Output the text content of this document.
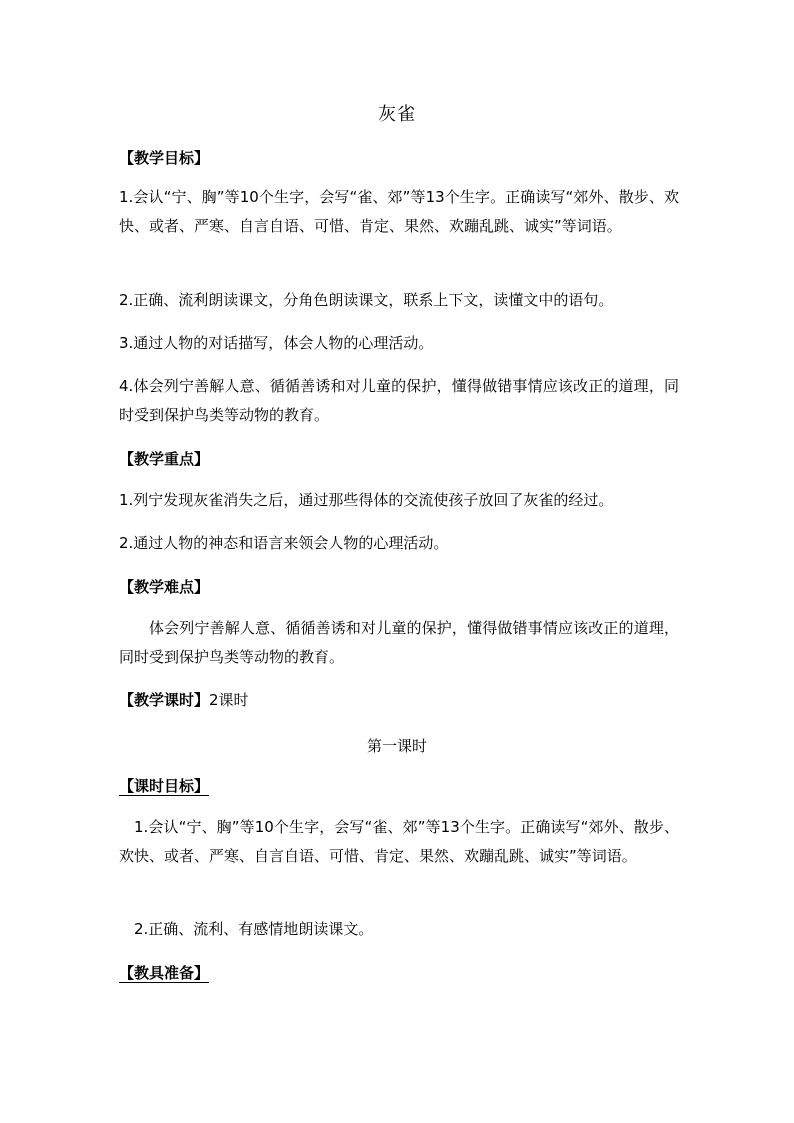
灰雀
【教学目标】
1.会认“宁、胸”等10个生字，会写“雀、郊”等13个生字。正确读写“郊外、散步、欢快、或者、严寒、自言自语、可惜、肯定、果然、欢蹦乱跳、诚实”等词语。
2.正确、流利朗读课文，分角色朗读课文，联系上下文，读懂文中的语句。
3.通过人物的对话描写，体会人物的心理活动。
4.体会列宁善解人意、循循善诱和对儿童的保护，懂得做错事情应该改正的道理，同时受到保护鸟类等动物的教育。
【教学重点】
1.列宁发现灰雀消失之后，通过那些得体的交流使孩子放回了灰雀的经过。
2.通过人物的神态和语言来领会人物的心理活动。
【教学难点】
体会列宁善解人意、循循善诱和对儿童的保护，懂得做错事情应该改正的道理，同时受到保护鸟类等动物的教育。
【教学课时】2课时
第一课时
【课时目标】
1.会认“宁、胸”等10个生字，会写“雀、郊”等13个生字。正确读写“郊外、散步、欢快、或者、严寒、自言自语、可惜、肯定、果然、欢蹦乱跳、诚实”等词语。
2.正确、流利、有感情地朗读课文。
【教具准备】
